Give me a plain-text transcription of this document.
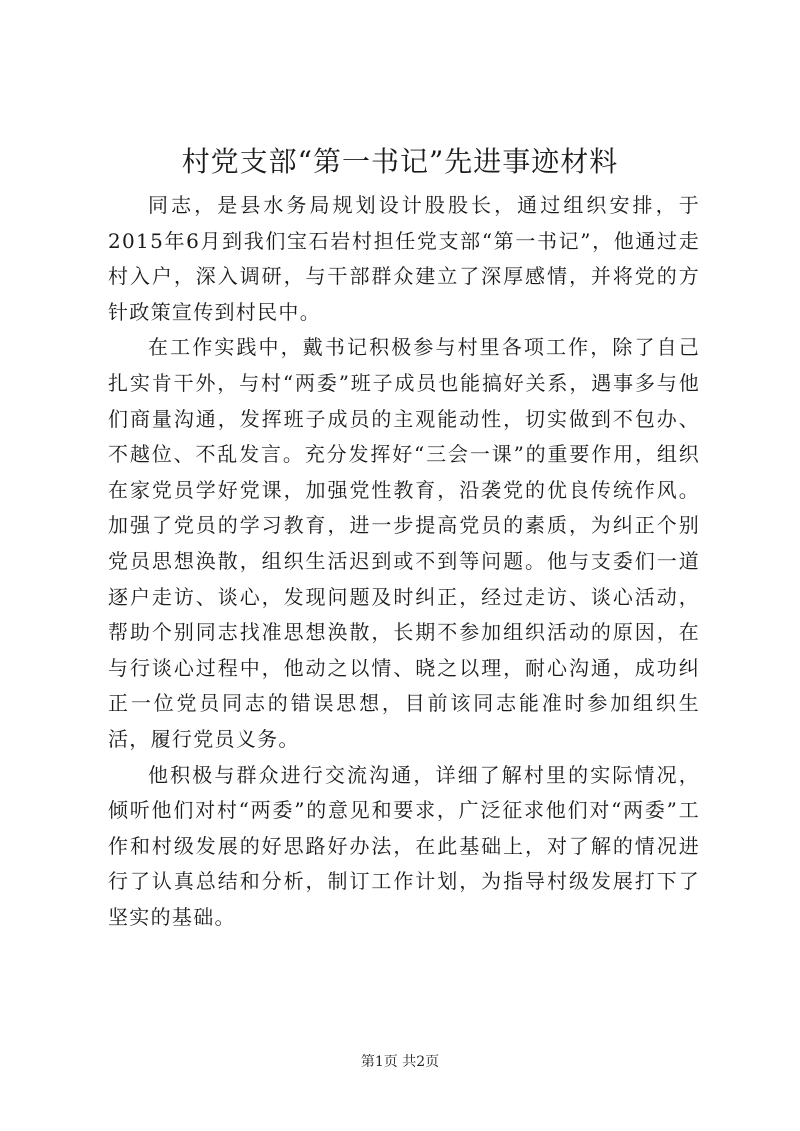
村党支部“第一书记”先进事迹材料

同志，是县水务局规划设计股股长，通过组织安排，于2015年6月到我们宝石岩村担任党支部“第一书记”，他通过走村入户，深入调研，与干部群众建立了深厚感情，并将党的方针政策宣传到村民中。

在工作实践中，戴书记积极参与村里各项工作，除了自己扎实肯干外，与村“两委”班子成员也能搞好关系，遇事多与他们商量沟通，发挥班子成员的主观能动性，切实做到不包办、不越位、不乱发言。充分发挥好“三会一课”的重要作用，组织在家党员学好党课，加强党性教育，沿袭党的优良传统作风。加强了党员的学习教育，进一步提高党员的素质，为纠正个别党员思想涣散，组织生活迟到或不到等问题。他与支委们一道逐户走访、谈心，发现问题及时纠正，经过走访、谈心活动，帮助个别同志找准思想涣散，长期不参加组织活动的原因，在与行谈心过程中，他动之以情、晓之以理，耐心沟通，成功纠正一位党员同志的错误思想，目前该同志能准时参加组织生活，履行党员义务。

他积极与群众进行交流沟通，详细了解村里的实际情况，倾听他们对村“两委”的意见和要求，广泛征求他们对“两委”工作和村级发展的好思路好办法，在此基础上，对了解的情况进行了认真总结和分析，制订工作计划，为指导村级发展打下了坚实的基础。

第1页 共2页
